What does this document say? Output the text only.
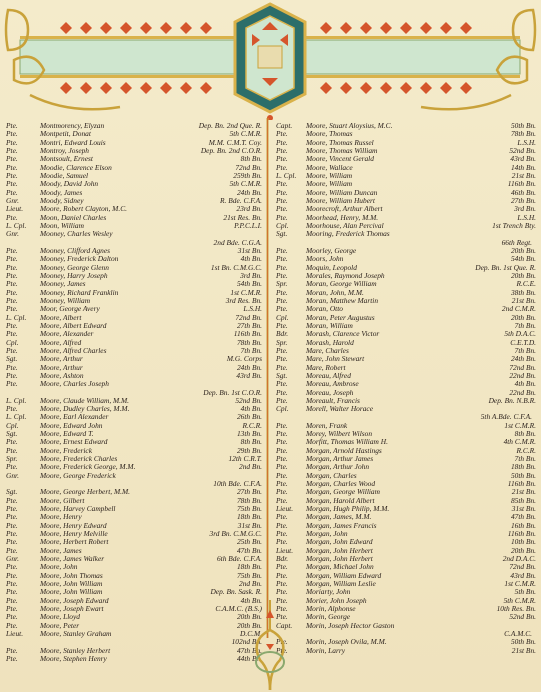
Pte.	Montmorency, Elyzan	Dep. Bn. 2nd Que. R.
Pte.	Montpetit, Donat	5th C.M.R.
Pte.	Montri, Edward Louis	M.M. C.M.T. Coy.
Pte.	Montroy, Joseph	Dep. Bn. 2nd C.O.R.
Pte.	Montsoult, Ernest	8th Bn.
Pte.	Moodie, Clarence Elson	72nd Bn.
Pte.	Moodie, Samuel	259th Bn.
Pte.	Moody, David John	5th C.M.R.
Pte.	Moody, James	24th Bn.
Gnr.	Moody, Sidney	R. Bde. C.F.A.
Lieut.	Moore, Robert Clayton, M.C.	23rd Bn.
Pte.	Moon, Daniel Charles	21st Res. Bn.
L. Cpl.	Moon, William	P.P.C.L.I.
Gnr.	Mooney, Charles Wesley
2nd Bde. C.G.A.
Pte.	Mooney, Clifford Agnes	31st Bn.
Pte.	Mooney, Frederick Dalton	4th Bn.
Pte.	Mooney, George Glenn	1st Bn. C.M.G.C.
Pte.	Mooney, Harry Joseph	3rd Bn.
Pte.	Mooney, James	54th Bn.
Pte.	Mooney, Richard Franklin	1st C.M.R.
Pte.	Mooney, William	3rd Res. Bn.
Pte.	Moor, George Avery	L.S.H.
L. Cpl.	Moore, Albert	72nd Bn.
Pte.	Moore, Albert Edward	27th Bn.
Pte.	Moore, Alexander	116th Bn.
Cpl.	Moore, Alfred	78th Bn.
Pte.	Moore, Alfred Charles	7th Bn.
Sgt.	Moore, Arthur	M.G. Corps
Pte.	Moore, Arthur	24th Bn.
Pte.	Moore, Ashton	43rd Bn.
Pte.	Moore, Charles Joseph
Dep. Bn. 1st C.O.R.
L. Cpl.	Moore, Claude William, M.M.	52nd Bn.
Pte.	Moore, Dudley Charles, M.M.	4th Bn.
L. Cpl.	Moore, Earl Alexander	26th Bn.
Cpl.	Moore, Edward John	R.C.R.
Sgt.	Moore, Edward T.	13th Bn.
Pte.	Moore, Ernest Edward	8th Bn.
Pte.	Moore, Frederick	29th Bn.
Spr.	Moore, Frederick Charles	12th C.R.T.
Pte.	Moore, Frederick George, M.M.	2nd Bn.
Gnr.	Moore, George Frederick
10th Bde. C.F.A.
Sgt.	Moore, George Herbert, M.M.	27th Bn.
Pte.	Moore, Gilbert	78th Bn.
Pte.	Moore, Harvey Campbell	75th Bn.
Pte.	Moore, Henry	18th Bn.
Pte.	Moore, Henry Edward	31st Bn.
Pte.	Moore, Henry Melville	3rd Bn. C.M.G.C.
Pte.	Moore, Herbert Robert	25th Bn.
Pte.	Moore, James	47th Bn.
Gnr.	Moore, James Walker	6th Bde. C.F.A.
Pte.	Moore, John	18th Bn.
Pte.	Moore, John Thomas	75th Bn.
Pte.	Moore, John William	2nd Bn.
Pte.	Moore, John William	Dep. Bn. Sask. R.
Pte.	Moore, Joseph Edward	4th Bn.
Pte.	Moore, Joseph Ewart	C.A.M.C. (B.S.)
Pte.	Moore, Lloyd	20th Bn.
Pte.	Moore, Peter	20th Bn.
Lieut.	Moore, Stanley Graham	D.C.M.
102nd Bn.
Pte.	Moore, Stanley Herbert	47th Bn.
Pte.	Moore, Stephen Henry	44th Bn.
Capt.	Moore, Stuart Aloysius, M.C.	50th Bn.
Pte.	Moore, Thomas	78th Bn.
Pte.	Moore, Thomas Russel	L.S.H.
Pte.	Moore, Thomas William	52nd Bn.
Pte.	Moore, Vincent Gerald	43rd Bn.
Pte.	Moore, Wallace	14th Bn.
L. Cpl.	Moore, William	21st Bn.
Pte.	Moore, William	116th Bn.
Pte.	Moore, William Duncan	46th Bn.
Pte.	Moore, William Hubert	27th Bn.
Pte.	Moorecroft, Arthur Albert	3rd Bn.
Pte.	Moorhead, Henry, M.M.	L.S.H.
Cpl.	Moorhouse, Alan Percival	1st Trench Bty.
Sgt.	Mooring, Frederick Thomas
66th Regt.
Pte.	Moorley, George	20th Bn.
Pte.	Moors, John	54th Bn.
Pte.	Moquin, Leopold	Dep. Bn. 1st Que. R.
Pte.	Morales, Raymond Joseph	20th Bn.
Spr.	Moran, George William	R.C.E.
Pte.	Moran, John, M.M.	38th Bn.
Pte.	Moran, Matthew Martin	21st Bn.
Pte.	Moran, Otto	2nd C.M.R.
Cpl.	Moran, Peter Augustus	20th Bn.
Pte.	Moran, William	7th Bn.
Bdr.	Morash, Clarence Victor	5th D.A.C.
Spr.	Morash, Harold	C.E.T.D.
Pte.	Mare, Charles	7th Bn.
Pte.	Mare, John Stewart	24th Bn.
Pte.	Mare, Robert	72nd Bn.
Sgt.	Moreau, Alfred	22nd Bn.
Pte.	Moreau, Ambrose	4th Bn.
Pte.	Moreau, Joseph	22nd Bn.
Pte.	Moreault, Francis	Dep. Bn. N.B.R.
Cpl.	Morell, Walter Horace
5th A.Bde. C.F.A.
Pte.	Moren, Frank	1st C.M.R.
Pte.	Morey, Wilbert Wilson	8th Bn.
Pte.	Morfitt, Thomas William H.	4th C.M.R.
Pte.	Morgan, Arnold Hastings	R.C.R.
Pte.	Morgan, Arthur James	7th Bn.
Pte.	Morgan, Arthur John	18th Bn.
Pte.	Morgan, Charles	50th Bn.
Pte.	Morgan, Charles Wood	116th Bn.
Pte.	Morgan, George William	21st Bn.
Pte.	Morgan, Harold Albert	85th Bn.
Lieut.	Morgan, Hugh Philip, M.M.	31st Bn.
Pte.	Morgan, James, M.M.	47th Bn.
Pte.	Morgan, James Francis	16th Bn.
Pte.	Morgan, John	116th Bn.
Pte.	Morgan, John Edward	10th Bn.
Lieut.	Morgan, John Herbert	20th Bn.
Bdr.	Morgan, John Herbert	2nd D.A.C.
Pte.	Morgan, Michael John	72nd Bn.
Pte.	Morgan, William Edward	43rd Bn.
Pte.	Morgan, William Leslie	1st C.M.R.
Pte.	Moriarty, John	5th Bn.
Pte.	Morier, John Joseph	5th C.M.R.
Pte.	Morin, Alphonse	10th Res. Bn.
Pte.	Morin, George	52nd Bn.
Capt.	Morin, Joseph Hector Gaston
C.A.M.C.
Pte.	Morin, Joseph Ovila, M.M.	50th Bn.
Pte.	Morin, Larry	21st Bn.
